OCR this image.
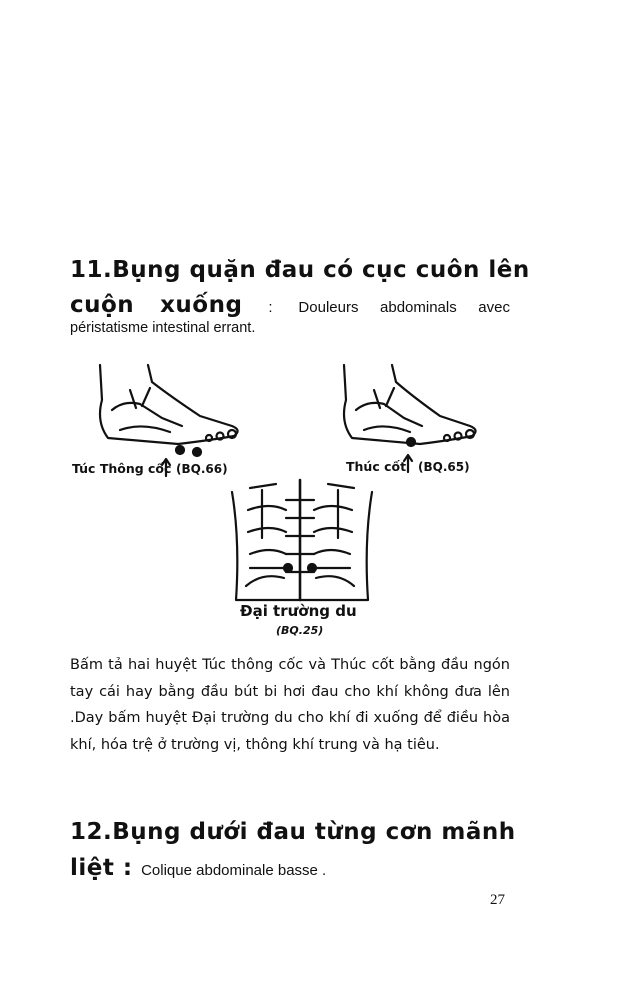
11.Bụng quặn đau có cục cuôn lên
cuộn xuống : Douleurs abdominals avec
péristatisme intestinal errant.
Túc Thông cốc (BQ.66)	Thúc cốt (BQ.65)
Đại trường du
(BQ.25)
Bấm tả hai huyệt Túc thông cốc và Thúc cốt bằng đầu ngón tay cái hay bằng đầu bút bi hơi đau cho khí không đưa lên .Day bấm huyệt Đại trường du cho khí đi xuống để điều hòa khí, hóa trệ ở trường vị, thông khí trung và hạ tiêu.
12.Bụng dưới đau từng cơn mãnh
liệt : Colique abdominale basse .
27
